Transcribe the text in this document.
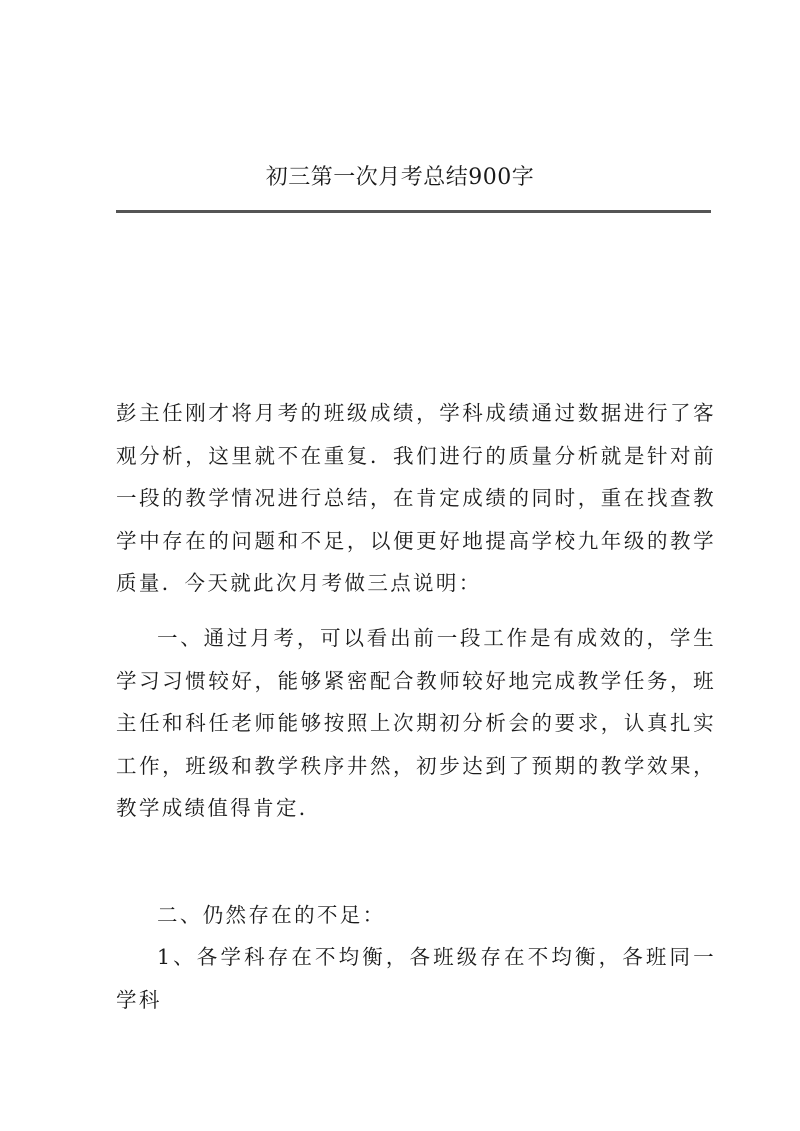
初三第一次月考总结900字

彭主任刚才将月考的班级成绩，学科成绩通过数据进行了客观分析，这里就不在重复．我们进行的质量分析就是针对前一段的教学情况进行总结，在肯定成绩的同时，重在找查教学中存在的问题和不足，以便更好地提高学校九年级的教学质量．今天就此次月考做三点说明：

一、通过月考，可以看出前一段工作是有成效的，学生学习习惯较好，能够紧密配合教师较好地完成教学任务，班主任和科任老师能够按照上次期初分析会的要求，认真扎实工作，班级和教学秩序井然，初步达到了预期的教学效果，教学成绩值得肯定．

二、仍然存在的不足：

1、各学科存在不均衡，各班级存在不均衡，各班同一学科
